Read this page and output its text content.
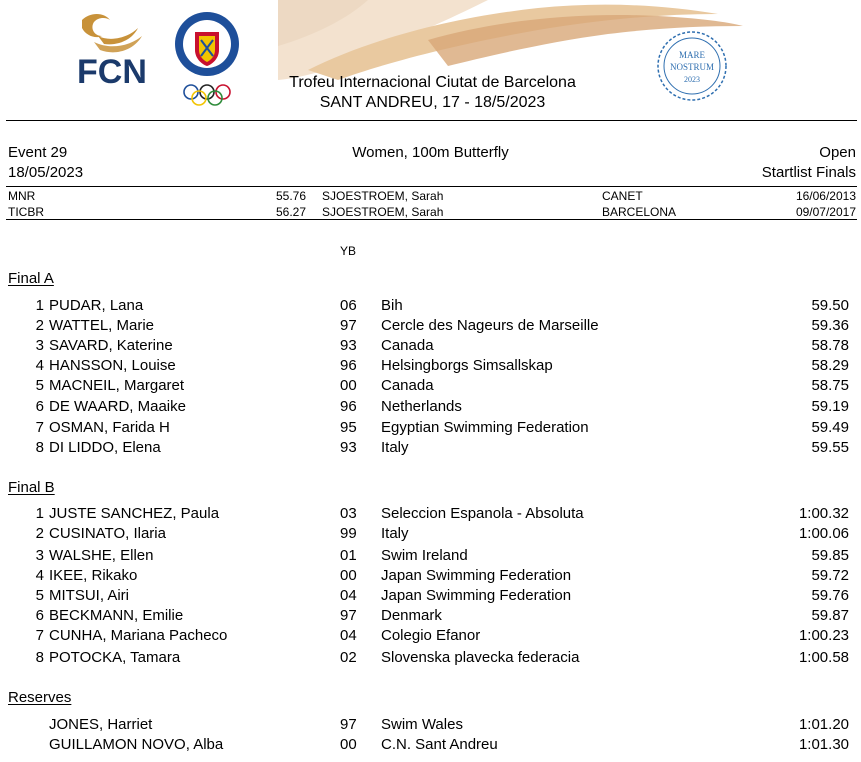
FCN	MARE
NOSTRUM
2023
Trofeu Internacional Ciutat de Barcelona
SANT ANDREU, 17 - 18/5/2023
Event 29
18/05/2023
Women, 100m Butterfly	Open
Startlist Finals
MNR	55.76 SJOESTROEM, Sarah	CANET	16/06/2013
TICBR	56.27 SJOESTROEM, Sarah	BARCELONA	09/07/2017
YB
Final A
1 PUDAR, Lana	06 Bih	59.50
2 WATTEL, Marie	97 Cercle des Nageurs de Marseille	59.36
3 SAVARD, Katerine	93 Canada	58.78
4 HANSSON, Louise	96 Helsingborgs Simsallskap	58.29
5 MACNEIL, Margaret	00 Canada	58.75
6 DE WAARD, Maaike	96 Netherlands	59.19
7 OSMAN, Farida H	95 Egyptian Swimming Federation	59.49
8 DI LIDDO, Elena	93 Italy	59.55
Final B
1 JUSTE SANCHEZ, Paula	03 Seleccion Espanola - Absoluta	1:00.32
2 CUSINATO, Ilaria	99 Italy	1:00.06
3 WALSHE, Ellen	01 Swim Ireland	59.85
4 IKEE, Rikako	00 Japan Swimming Federation	59.72
5 MITSUI, Airi	04 Japan Swimming Federation	59.76
6 BECKMANN, Emilie	97 Denmark	59.87
7 CUNHA, Mariana Pacheco	04 Colegio Efanor	1:00.23
8 POTOCKA, Tamara	02 Slovenska plavecka federacia	1:00.58
Reserves
JONES, Harriet	97 Swim Wales	1:01.20
GUILLAMON NOVO, Alba	00 C.N. Sant Andreu	1:01.30
